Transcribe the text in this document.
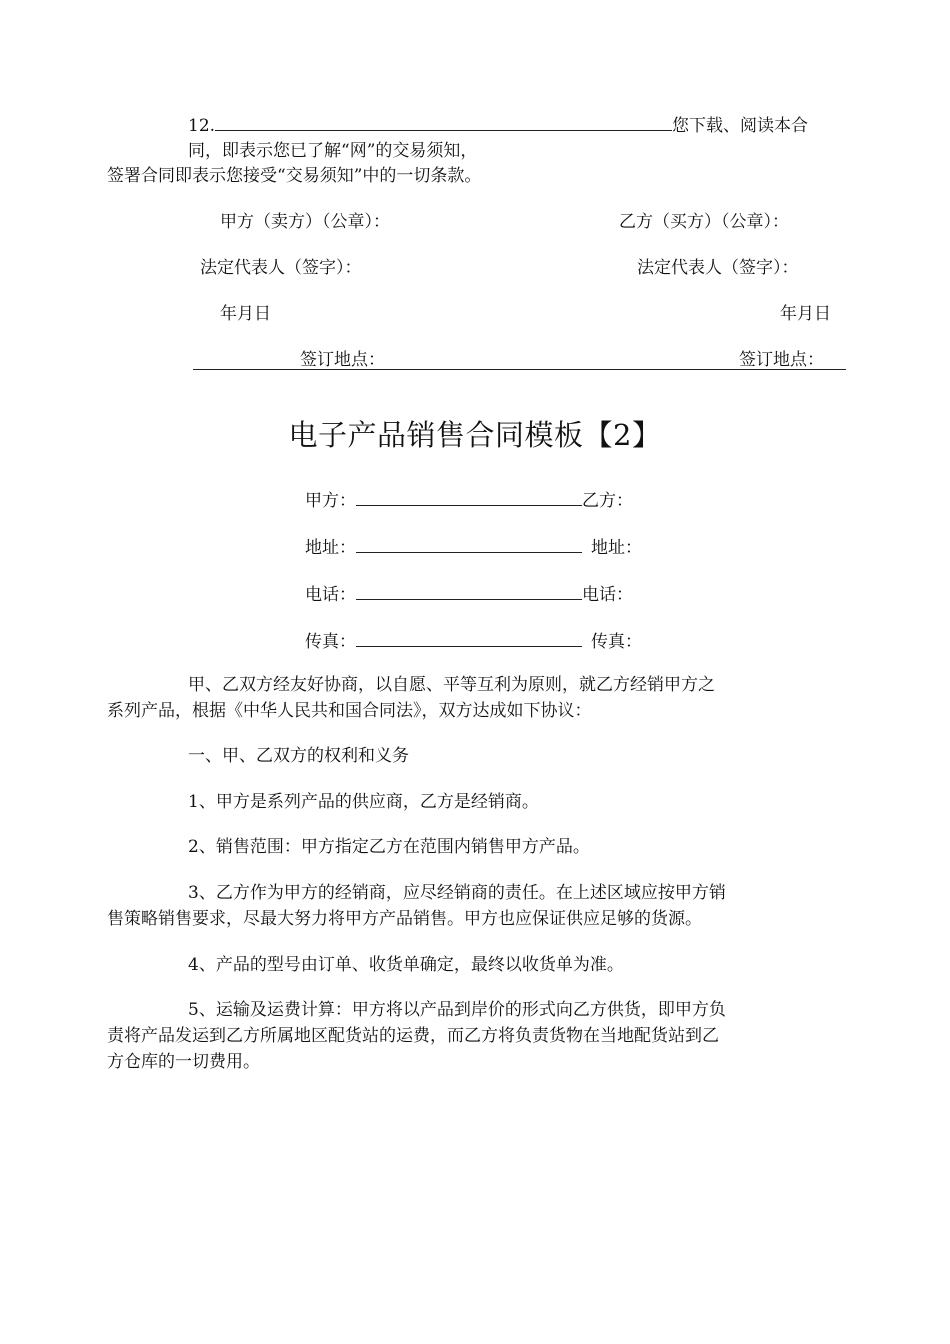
12.	您下载、阅读本合
同，即表示您已了解“网”的交易须知，
签署合同即表示您接受“交易须知”中的一切条款。
甲方（卖方）（公章）：	乙方（买方）（公章）：
法定代表人（签字）：	法定代表人（签字）：
年月日	年月日
签订地点：	签订地点：
电子产品销售合同模板【2】
甲方：	乙方：
地址：	地址：
电话：	电话：
传真：	传真：
甲、乙双方经友好协商，以自愿、平等互利为原则，就乙方经销甲方之
系列产品，根据《中华人民共和国合同法》，双方达成如下协议：
一、甲、乙双方的权利和义务
1、甲方是系列产品的供应商，乙方是经销商。
2、销售范围：甲方指定乙方在范围内销售甲方产品。
3、乙方作为甲方的经销商，应尽经销商的责任。在上述区域应按甲方销
售策略销售要求，尽最大努力将甲方产品销售。甲方也应保证供应足够的货源。
4、产品的型号由订单、收货单确定，最终以收货单为准。
5、运输及运费计算：甲方将以产品到岸价的形式向乙方供货，即甲方负
责将产品发运到乙方所属地区配货站的运费，而乙方将负责货物在当地配货站到乙
方仓库的一切费用。
